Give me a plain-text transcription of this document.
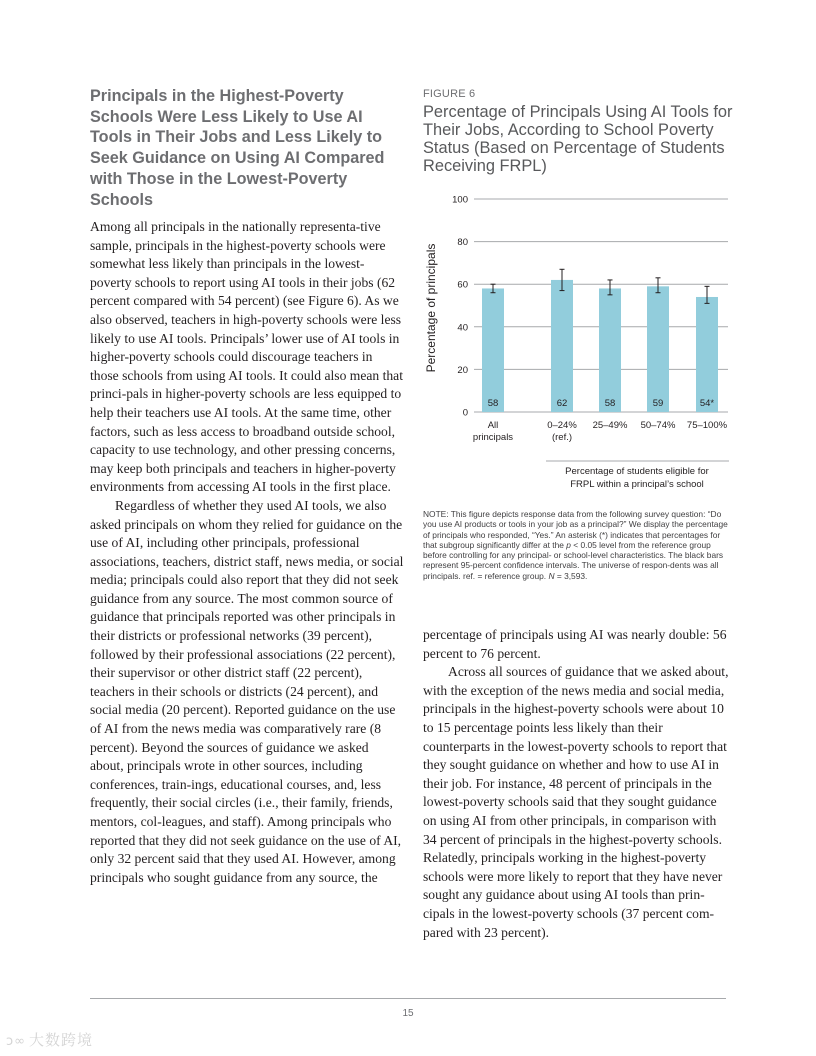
Principals in the Highest-Poverty Schools Were Less Likely to Use AI Tools in Their Jobs and Less Likely to Seek Guidance on Using AI Compared with Those in the Lowest-Poverty Schools

Among all principals in the nationally representa-tive sample, principals in the highest-poverty schools were somewhat less likely than principals in the lowest-poverty schools to report using AI tools in their jobs (62 percent compared with 54 percent) (see Figure 6). As we also observed, teachers in high-poverty schools were less likely to use AI tools. Principals’ lower use of AI tools in higher-poverty schools could discourage teachers in those schools from using AI tools. It could also mean that princi-pals in higher-poverty schools are less equipped to help their teachers use AI tools. At the same time, other factors, such as less access to broadband outside school, capacity to use technology, and other pressing concerns, may keep both principals and teachers in higher-poverty environments from accessing AI tools in the first place.

Regardless of whether they used AI tools, we also asked principals on whom they relied for guidance on the use of AI, including other principals, professional associations, teachers, district staff, news media, or social media; principals could also report that they did not seek guidance from any source. The most common source of guidance that principals reported was other principals in their districts or professional networks (39 percent), followed by their professional associations (22 percent), their supervisor or other district staff (22 percent), teachers in their schools or districts (24 percent), and social media (20 percent). Reported guidance on the use of AI from the news media was comparatively rare (8 percent). Beyond the sources of guidance we asked about, principals wrote in other sources, including conferences, train-ings, educational courses, and, less frequently, their social circles (i.e., their family, friends, mentors, col-leagues, and staff). Among principals who reported that they did not seek guidance on the use of AI, only 32 percent said that they used AI. However, among principals who sought guidance from any source, the

FIGURE 6
Percentage of Principals Using AI Tools for Their Jobs, According to School Poverty Status (Based on Percentage of Students Receiving FRPL)
0
20
40
60
80
100
58	62	58	59	54*
All
principals
0–24%
(ref.)
25–49% 50–74% 75–100%
Percentage of principals
Percentage of students eligible for
FRPL within a principal’s school
NOTE: This figure depicts response data from the following survey question: “Do you use AI products or tools in your job as a principal?” We display the percentage of principals who responded, “Yes.” An asterisk (*) indicates that percentages for that subgroup significantly differ at the p < 0.05 level from the reference group before controlling for any principal- or school-level characteristics. The black bars represent 95-percent confidence intervals. The universe of respon-dents was all principals. ref. = reference group. N = 3,593.

percentage of principals using AI was nearly double: 56 percent to 76 percent.

Across all sources of guidance that we asked about, with the exception of the news media and social media, principals in the highest-poverty schools were about 10 to 15 percentage points less likely than their counterparts in the lowest-poverty schools to report that they sought guidance on whether and how to use AI in their job. For instance, 48 percent of principals in the lowest-poverty schools said that they sought guidance on using AI from other principals, in comparison with 34 percent of principals in the highest-poverty schools. Relatedly, principals working in the highest-poverty schools were more likely to report that they have never sought any guidance about using AI tools than prin-cipals in the lowest-poverty schools (37 percent com-pared with 23 percent).

15
ↄ∞ 大数跨境
